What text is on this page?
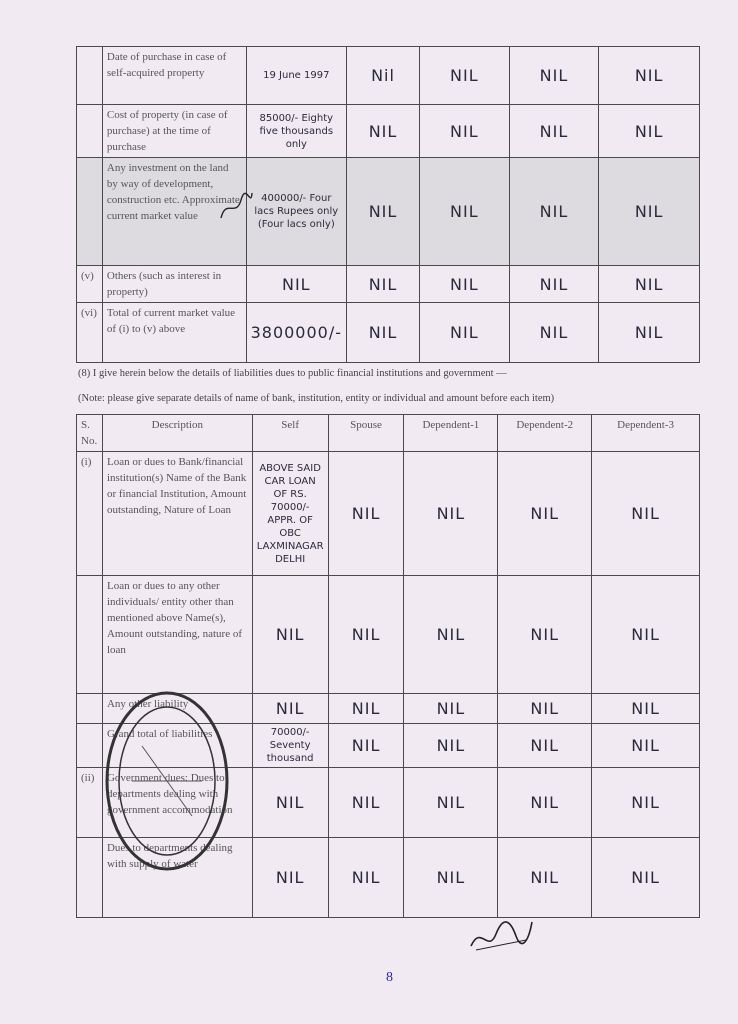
	Date of purchase in case of self-acquired property	19 June 1997	Nil	NIL	NIL	NIL
	Cost of property (in case of purchase) at the time of purchase	85000/- Eighty five thousands only	NIL	NIL	NIL	NIL
	Any investment on the land by way of development, construction etc. Approximate current market value	400000/- Four lacs Rupees only (Four lacs only)	NIL	NIL	NIL	NIL
(v)	Others (such as interest in property)	NIL	NIL	NIL	NIL	NIL
(vi)	Total of current market value of (i) to (v) above	3800000/-	NIL	NIL	NIL	NIL
(8) I give herein below the details of liabilities dues to public financial institutions and government —
(Note: please give separate details of name of bank, institution, entity or individual and amount before each item)
S. No.	Description	Self	Spouse	Dependent-1	Dependent-2	Dependent-3
(i)	Loan or dues to Bank/financial institution(s) Name of the Bank or financial Institution, Amount outstanding, Nature of Loan	ABOVE SAID CAR LOAN OF RS. 70000/-APPR. OF OBC LAXMINAGAR DELHI	NIL	NIL	NIL	NIL
	Loan or dues to any other individuals/ entity other than mentioned above Name(s), Amount outstanding, nature of loan	NIL	NIL	NIL	NIL	NIL
	Any other liability	NIL	NIL	NIL	NIL	NIL
	Grand total of liabilities	70000/- Seventy thousand	NIL	NIL	NIL	NIL
(ii)	Government dues: Dues to departments dealing with government accommodation	NIL	NIL	NIL	NIL	NIL
	Dues to departments dealing with supply of water	NIL	NIL	NIL	NIL	NIL
8
